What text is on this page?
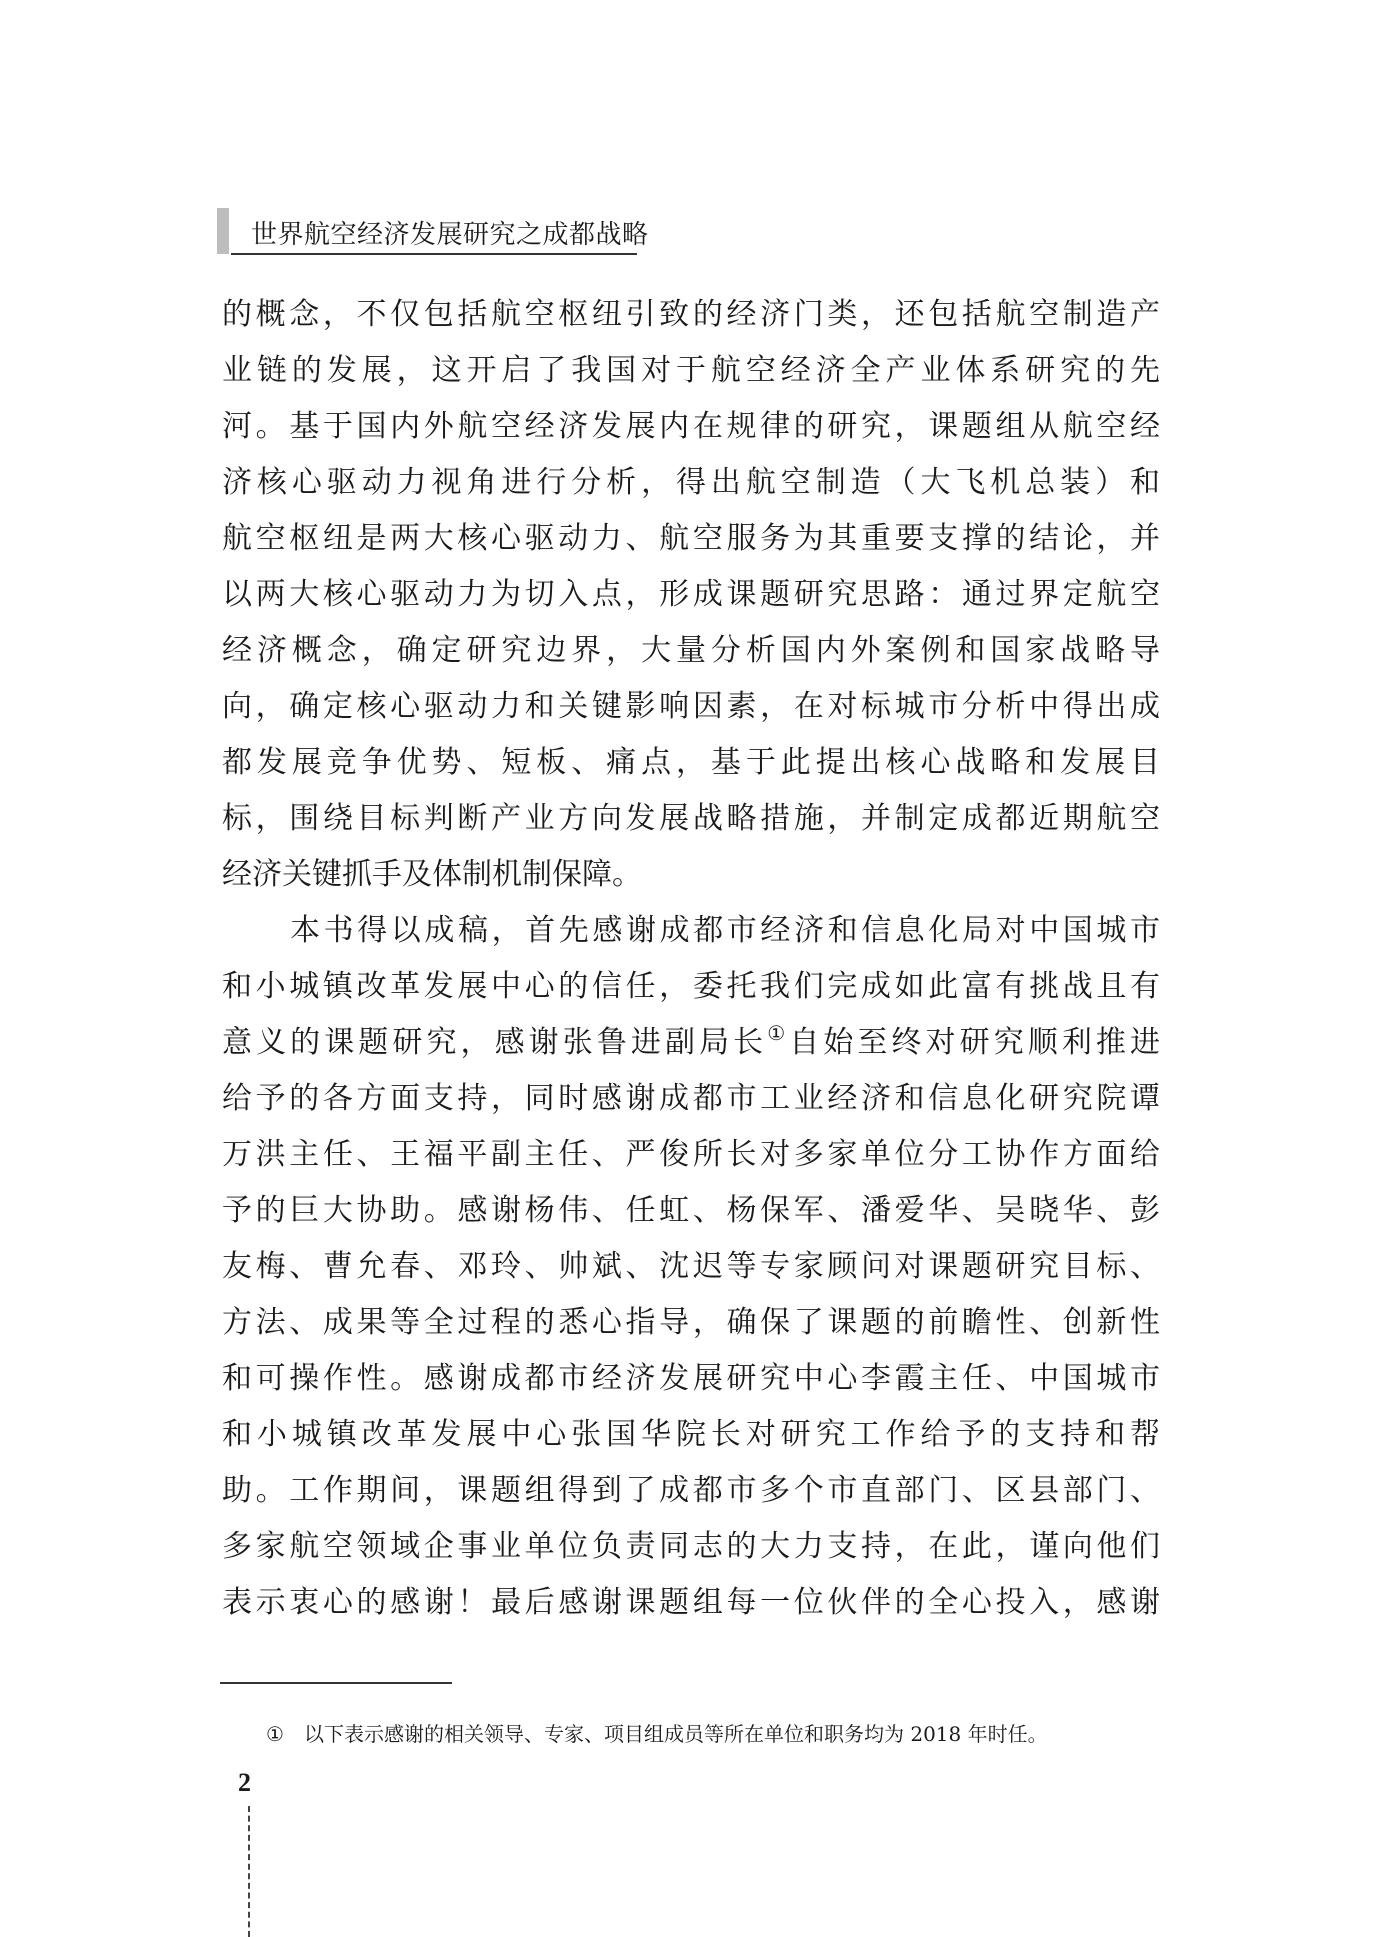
世界航空经济发展研究之成都战略
的概念，不仅包括航空枢纽引致的经济门类，还包括航空制造产
业链的发展，这开启了我国对于航空经济全产业体系研究的先
河。基于国内外航空经济发展内在规律的研究，课题组从航空经
济核心驱动力视角进行分析，得出航空制造（大飞机总装）和
航空枢纽是两大核心驱动力、航空服务为其重要支撑的结论，并
以两大核心驱动力为切入点，形成课题研究思路：通过界定航空
经济概念，确定研究边界，大量分析国内外案例和国家战略导
向，确定核心驱动力和关键影响因素，在对标城市分析中得出成
都发展竞争优势、短板、痛点，基于此提出核心战略和发展目
标，围绕目标判断产业方向发展战略措施，并制定成都近期航空
经济关键抓手及体制机制保障。
本书得以成稿，首先感谢成都市经济和信息化局对中国城市
和小城镇改革发展中心的信任，委托我们完成如此富有挑战且有
意义的课题研究，感谢张鲁进副局长①自始至终对研究顺利推进
给予的各方面支持，同时感谢成都市工业经济和信息化研究院谭
万洪主任、王福平副主任、严俊所长对多家单位分工协作方面给
予的巨大协助。感谢杨伟、任虹、杨保军、潘爱华、吴晓华、彭
友梅、曹允春、邓玲、帅斌、沈迟等专家顾问对课题研究目标、
方法、成果等全过程的悉心指导，确保了课题的前瞻性、创新性
和可操作性。感谢成都市经济发展研究中心李霞主任、中国城市
和小城镇改革发展中心张国华院长对研究工作给予的支持和帮
助。工作期间，课题组得到了成都市多个市直部门、区县部门、
多家航空领域企事业单位负责同志的大力支持，在此，谨向他们
表示衷心的感谢！最后感谢课题组每一位伙伴的全心投入，感谢
① 以下表示感谢的相关领导、专家、项目组成员等所在单位和职务均为 2018 年时任。
2
